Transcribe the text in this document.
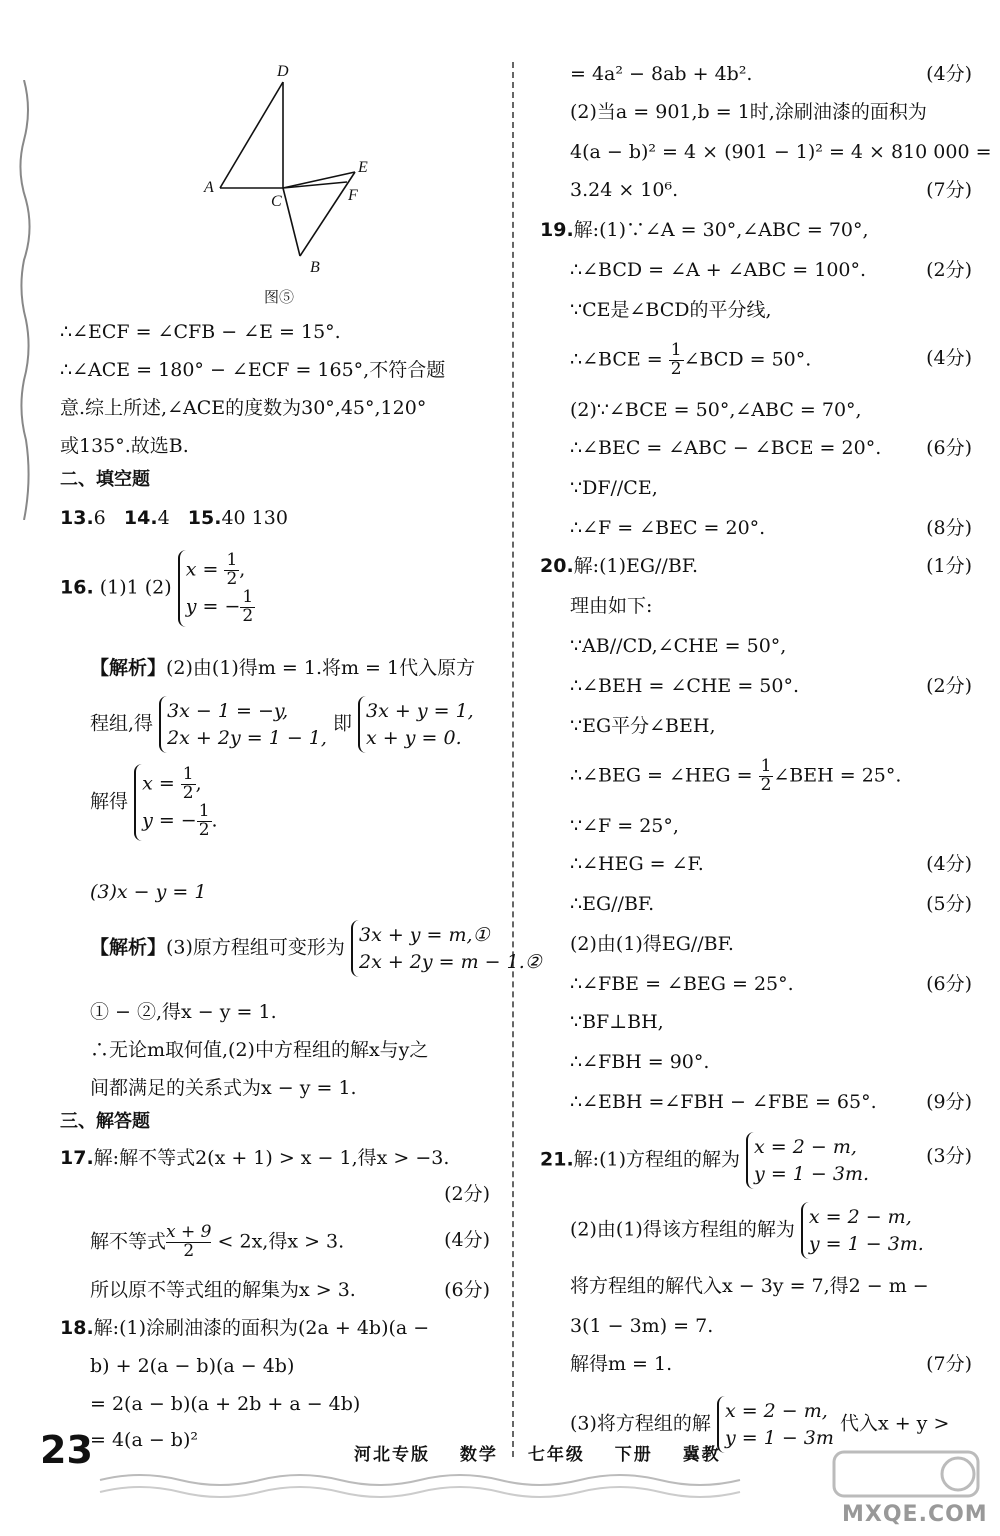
D
A
C
E
F
B
图⑤
∴∠ECF = ∠CFB − ∠E = 15°.
∴∠ACE = 180° − ∠ECF = 165°,不符合题
意.综上所述,∠ACE的度数为30°,45°,120°
或135°.故选B.
二、填空题
13.6 14.4 15.40 130
16. (1)1 (2)
$x = \frac{1}{2}$ ,
y = − $\frac{1}{2}$
【解析】(2)由(1)得m = 1.将m = 1代入原方
程组,得
3x − 1 = −y,
2x + 2y = 1 − 1,
即
3x + y = 1,
x + y = 0.
解得
$x = \frac{1}{2}$ ,
y = − $\frac{1}{2}$ .
(3)x − y = 1
【解析】(3)原方程组可变形为
3x + y = m,①
2x + 2y = m − 1.②
① − ②,得x − y = 1.
∴无论m取何值,(2)中方程组的解x与y之
间都满足的关系式为x − y = 1.
三、解答题
17.解:解不等式2(x + 1) > x − 1,得x > −3.
(2分)
解不等式 $\frac{x + 9}{2} < 2x$,得x > 3.	(4分)
所以原不等式组的解集为x > 3.	(6分)
18.解:(1)涂刷油漆的面积为(2a + 4b)(a −
b) + 2(a − b)(a − 4b)
= 2(a − b)(a + 2b + a − 4b)
= 4(a − b)²
= 4a² − 8ab + 4b².	(4分)
(2)当a = 901,b = 1时,涂刷油漆的面积为
4(a − b)² = 4 × (901 − 1)² = 4 × 810 000 =
3.24 × 10⁶.	(7分)
19.解:(1)∵∠A = 30°,∠ABC = 70°,
∴∠BCD = ∠A + ∠ABC = 100°.	(2分)
∵CE是∠BCD的平分线,
∴∠BCE = $\frac{1}{2}$ ∠BCD = 50°.	(4分)
(2)∵∠BCE = 50°,∠ABC = 70°,
∴∠BEC = ∠ABC − ∠BCE = 20°. (6分)
∵DF//CE,
∴∠F = ∠BEC = 20°.	(8分)
20.解:(1)EG//BF.	(1分)
理由如下:
∵AB//CD,∠CHE = 50°,
∴∠BEH = ∠CHE = 50°.	(2分)
∵EG平分∠BEH,
∴∠BEG = ∠HEG = $\frac{1}{2}$ ∠BEH = 25°.
∵∠F = 25°,
∴∠HEG = ∠F.	(4分)
∴EG//BF.	(5分)
(2)由(1)得EG//BF.
∴∠FBE = ∠BEG = 25°.	(6分)
∵BF⊥BH,
∴∠FBH = 90°.
∴∠EBH =∠FBH − ∠FBE = 65°.	(9分)
21.解:(1)方程组的解为
x = 2 − m,
y = 1 − 3m.
(3分)
(2)由(1)得该方程组的解为
x = 2 − m,
y = 1 − 3m.
将方程组的解代入x − 3y = 7,得2 − m −
3(1 − 3m) = 7.
解得m = 1.	(7分)
(3)将方程组的解
x = 2 − m,
y = 1 − 3m
代入x + y >
23	河北专版 数学 七年级 下册 冀教
MXQE.COM
